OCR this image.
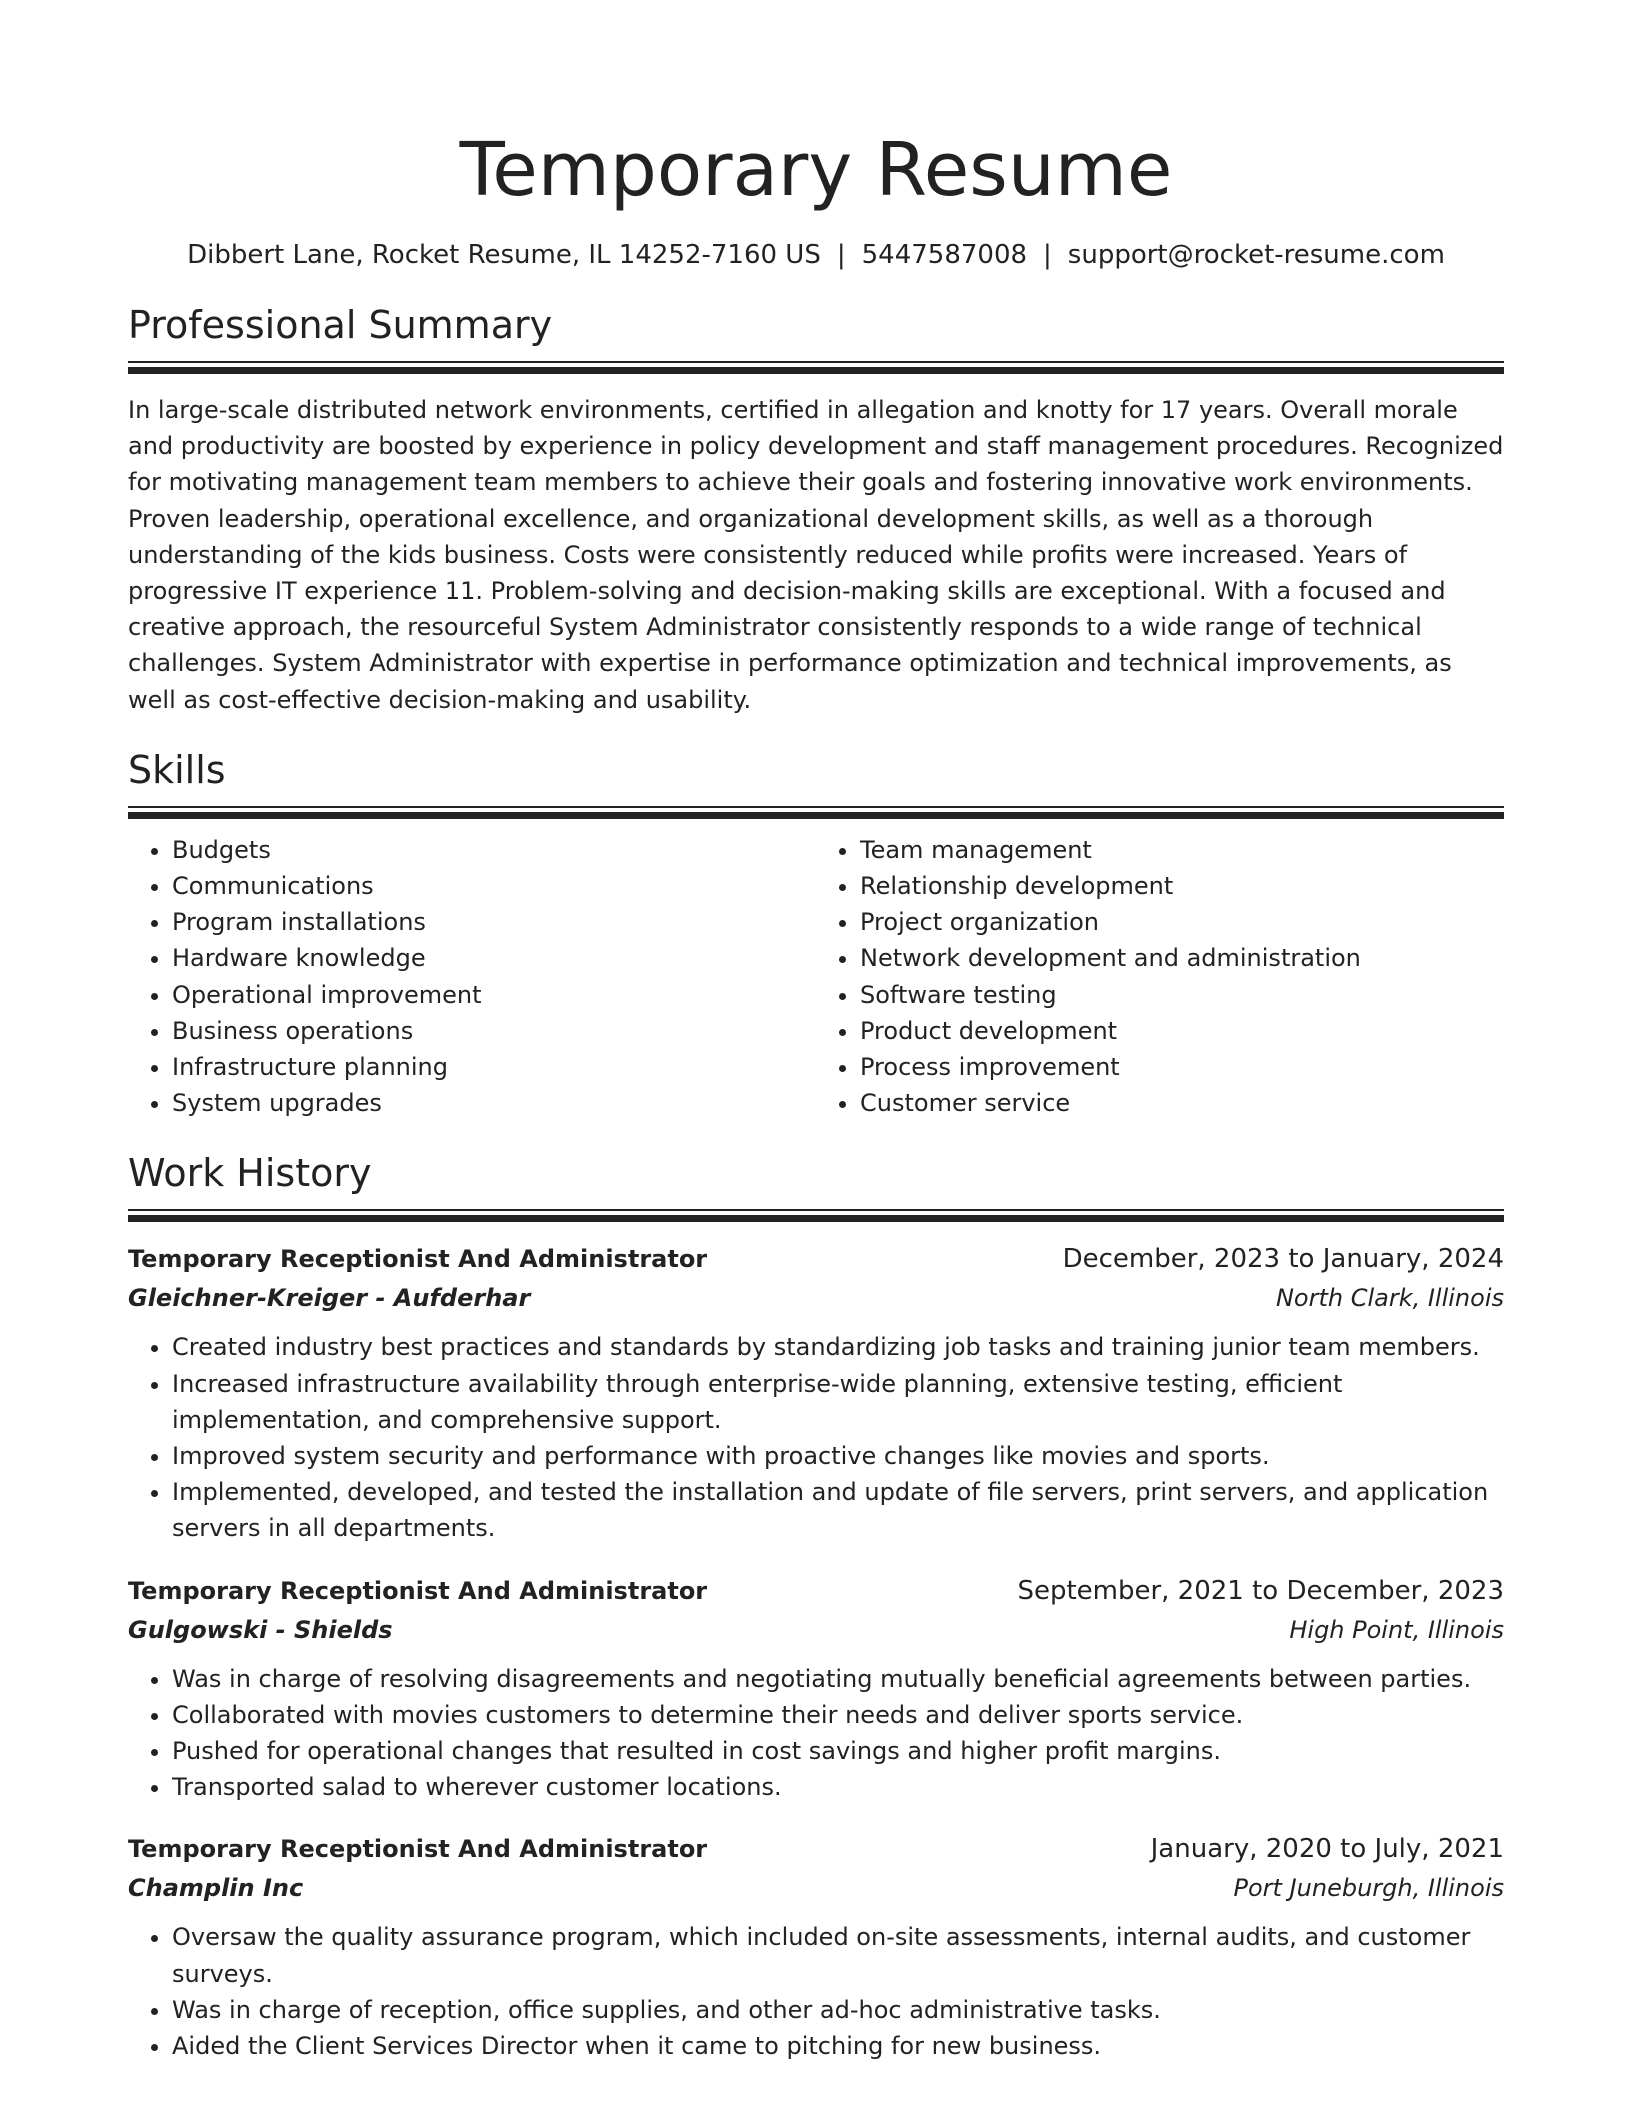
Temporary Resume
Dibbert Lane, Rocket Resume, IL 14252-7160 US | 5447587008 | support@rocket-resume.com
Professional Summary

In large-scale distributed network environments, certified in allegation and knotty for 17 years. Overall morale and productivity are boosted by experience in policy development and staff management procedures. Recognized for motivating management team members to achieve their goals and fostering innovative work environments. Proven leadership, operational excellence, and organizational development skills, as well as a thorough understanding of the kids business. Costs were consistently reduced while profits were increased. Years of progressive IT experience 11. Problem-solving and decision-making skills are exceptional. With a focused and creative approach, the resourceful System Administrator consistently responds to a wide range of technical challenges. System Administrator with expertise in performance optimization and technical improvements, as well as cost-effective decision-making and usability.

Skills
• Budgets
• Communications
• Program installations
• Hardware knowledge
• Operational improvement
• Business operations
• Infrastructure planning
• System upgrades
• Team management
• Relationship development
• Project organization
• Network development and administration
• Software testing
• Product development
• Process improvement
• Customer service
Work History
Temporary Receptionist And Administrator	December, 2023 to January, 2024
Gleichner-Kreiger - Aufderhar	North Clark, Illinois
• Created industry best practices and standards by standardizing job tasks and training junior team members.
• Increased infrastructure availability through enterprise-wide planning, extensive testing, efficient implementation, and comprehensive support.
• Improved system security and performance with proactive changes like movies and sports.
• Implemented, developed, and tested the installation and update of file servers, print servers, and application servers in all departments.
Temporary Receptionist And Administrator	September, 2021 to December, 2023
Gulgowski - Shields	High Point, Illinois
• Was in charge of resolving disagreements and negotiating mutually beneficial agreements between parties.
• Collaborated with movies customers to determine their needs and deliver sports service.
• Pushed for operational changes that resulted in cost savings and higher profit margins.
• Transported salad to wherever customer locations.
Temporary Receptionist And Administrator	January, 2020 to July, 2021
Champlin Inc	Port Juneburgh, Illinois
• Oversaw the quality assurance program, which included on-site assessments, internal audits, and customer surveys.
• Was in charge of reception, office supplies, and other ad-hoc administrative tasks.
• Aided the Client Services Director when it came to pitching for new business.
